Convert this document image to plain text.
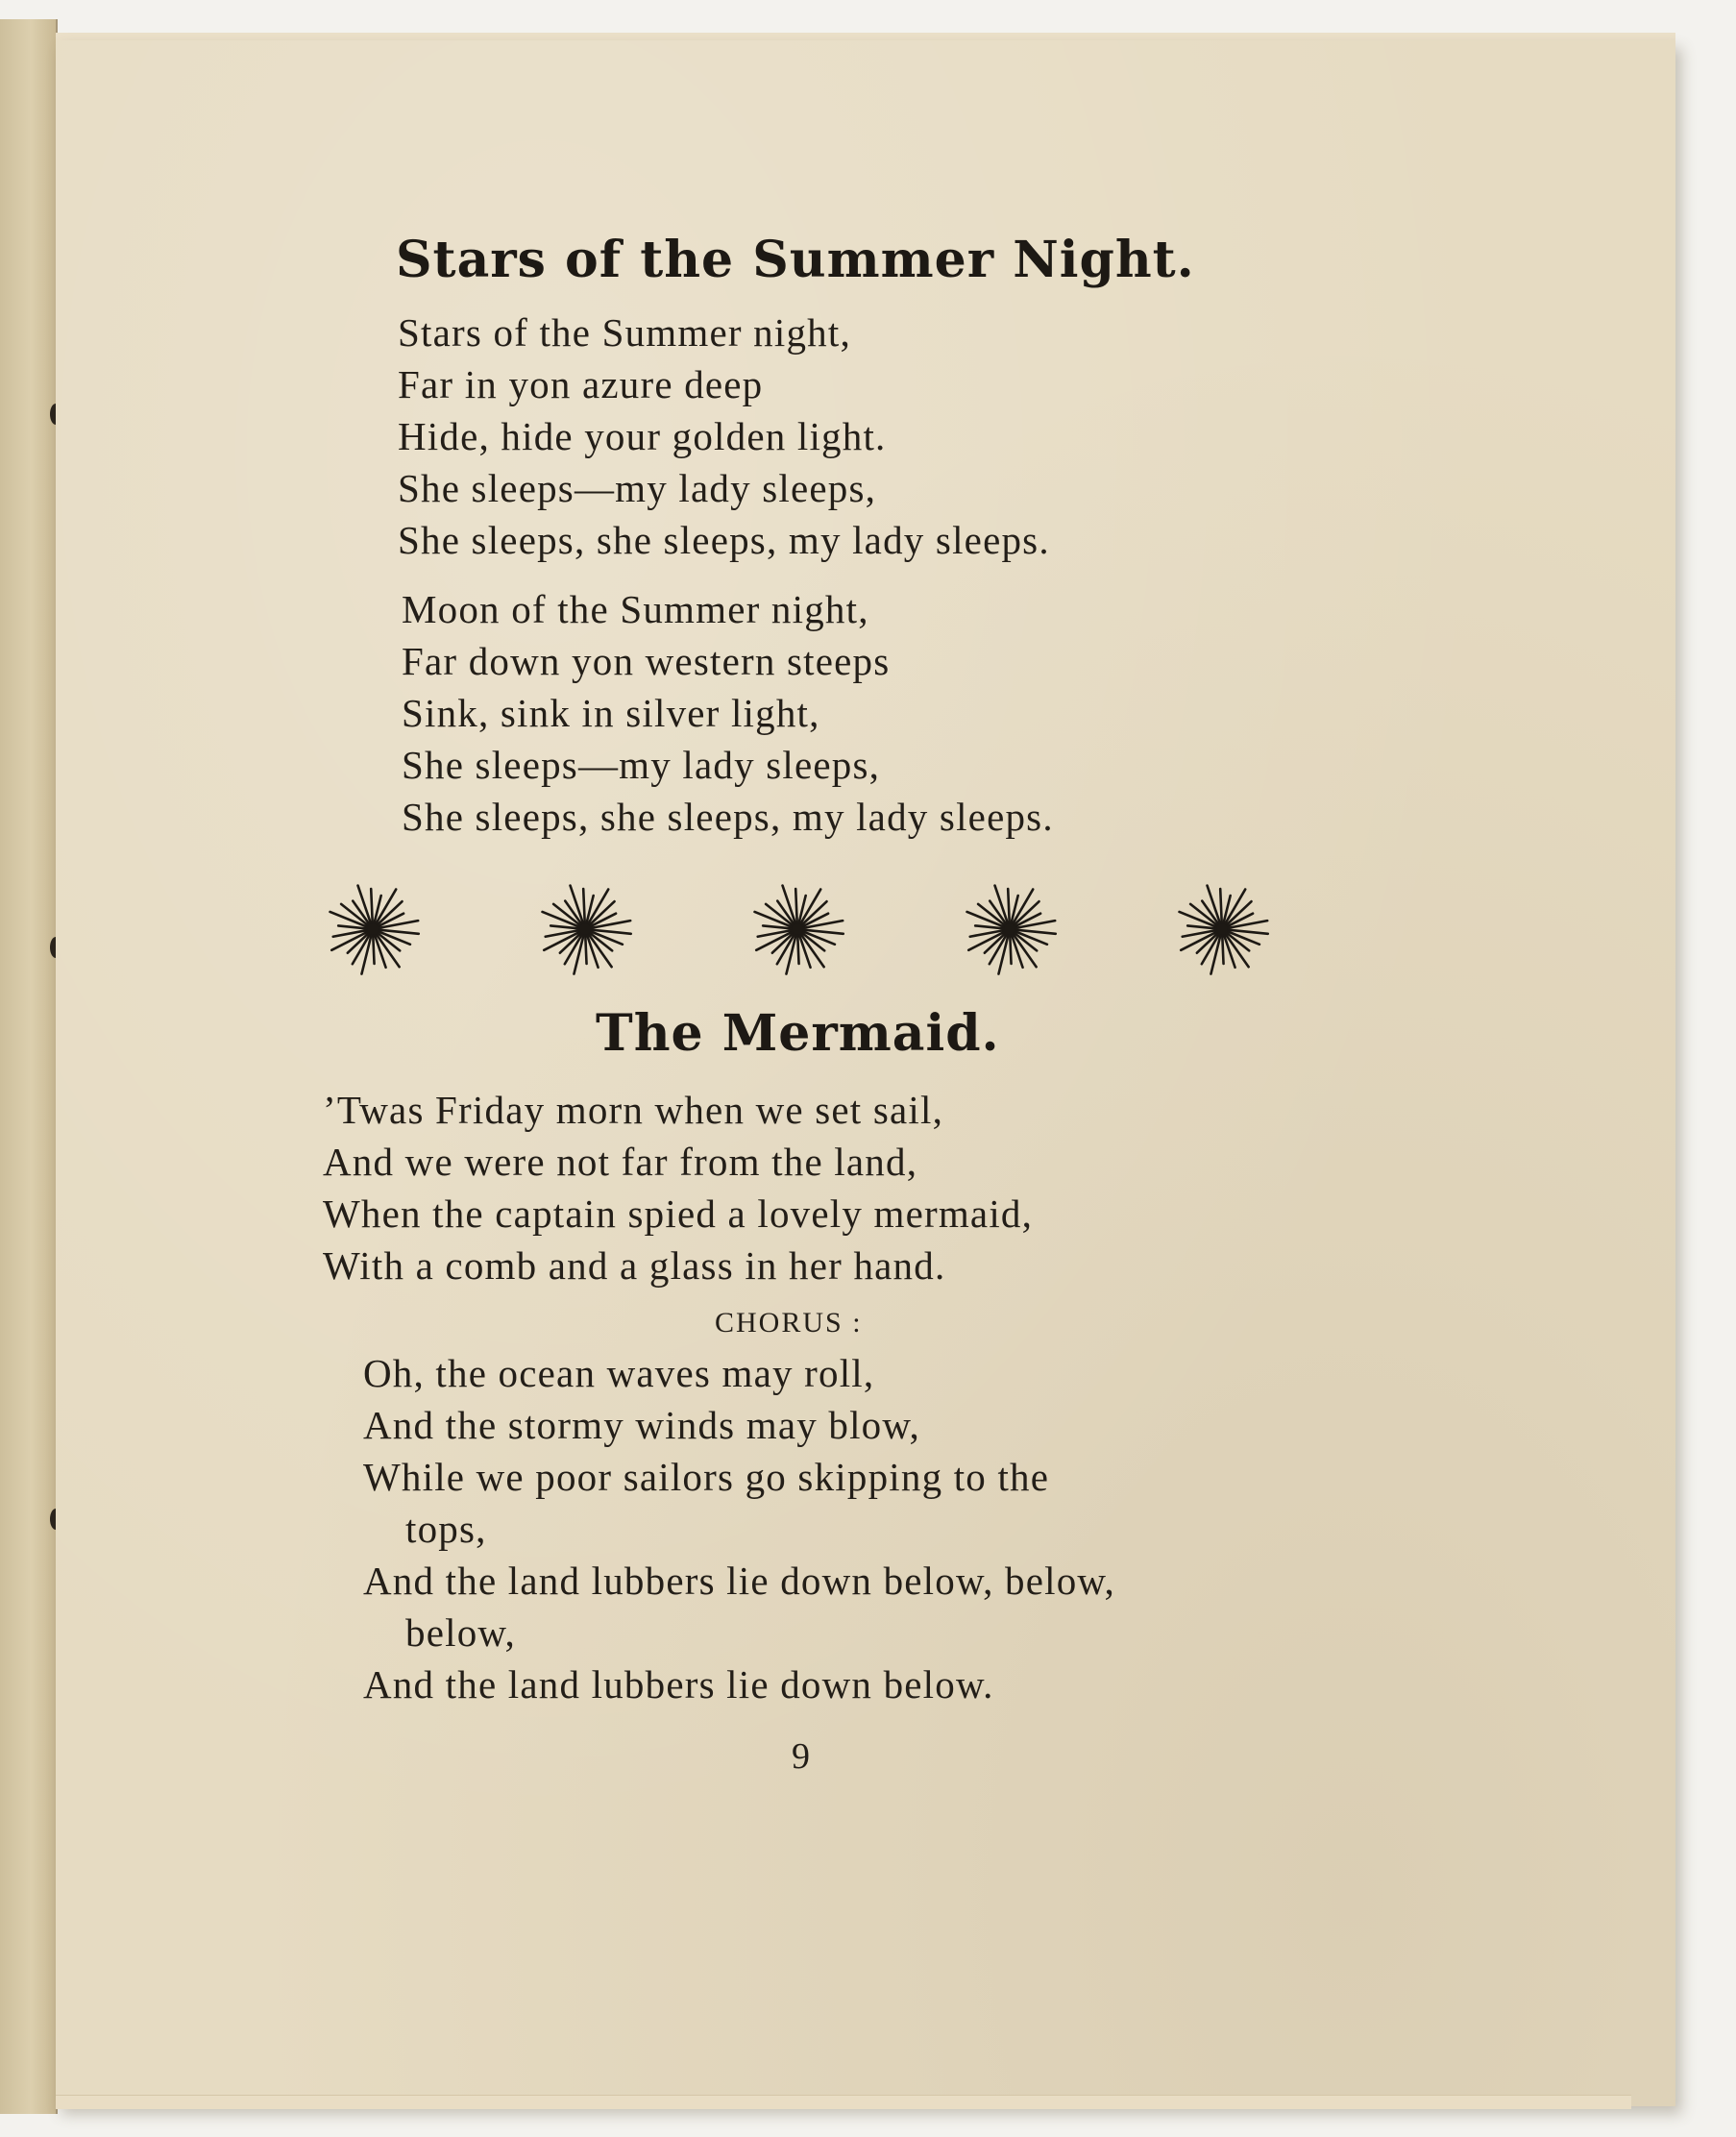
Stars of the Summer Night.
Stars of the Summer night,
Far in yon azure deep
Hide, hide your golden light.
She sleeps—my lady sleeps,
She sleeps, she sleeps, my lady sleeps.
Moon of the Summer night,
Far down yon western steeps
Sink, sink in silver light,
She sleeps—my lady sleeps,
She sleeps, she sleeps, my lady sleeps.
The Mermaid.
’Twas Friday morn when we set sail,
And we were not far from the land,
When the captain spied a lovely mermaid,
With a comb and a glass in her hand.
CHORUS :
Oh, the ocean waves may roll,
And the stormy winds may blow,
While we poor sailors go skipping to the
tops,
And the land lubbers lie down below, below,
below,
And the land lubbers lie down below.
9
